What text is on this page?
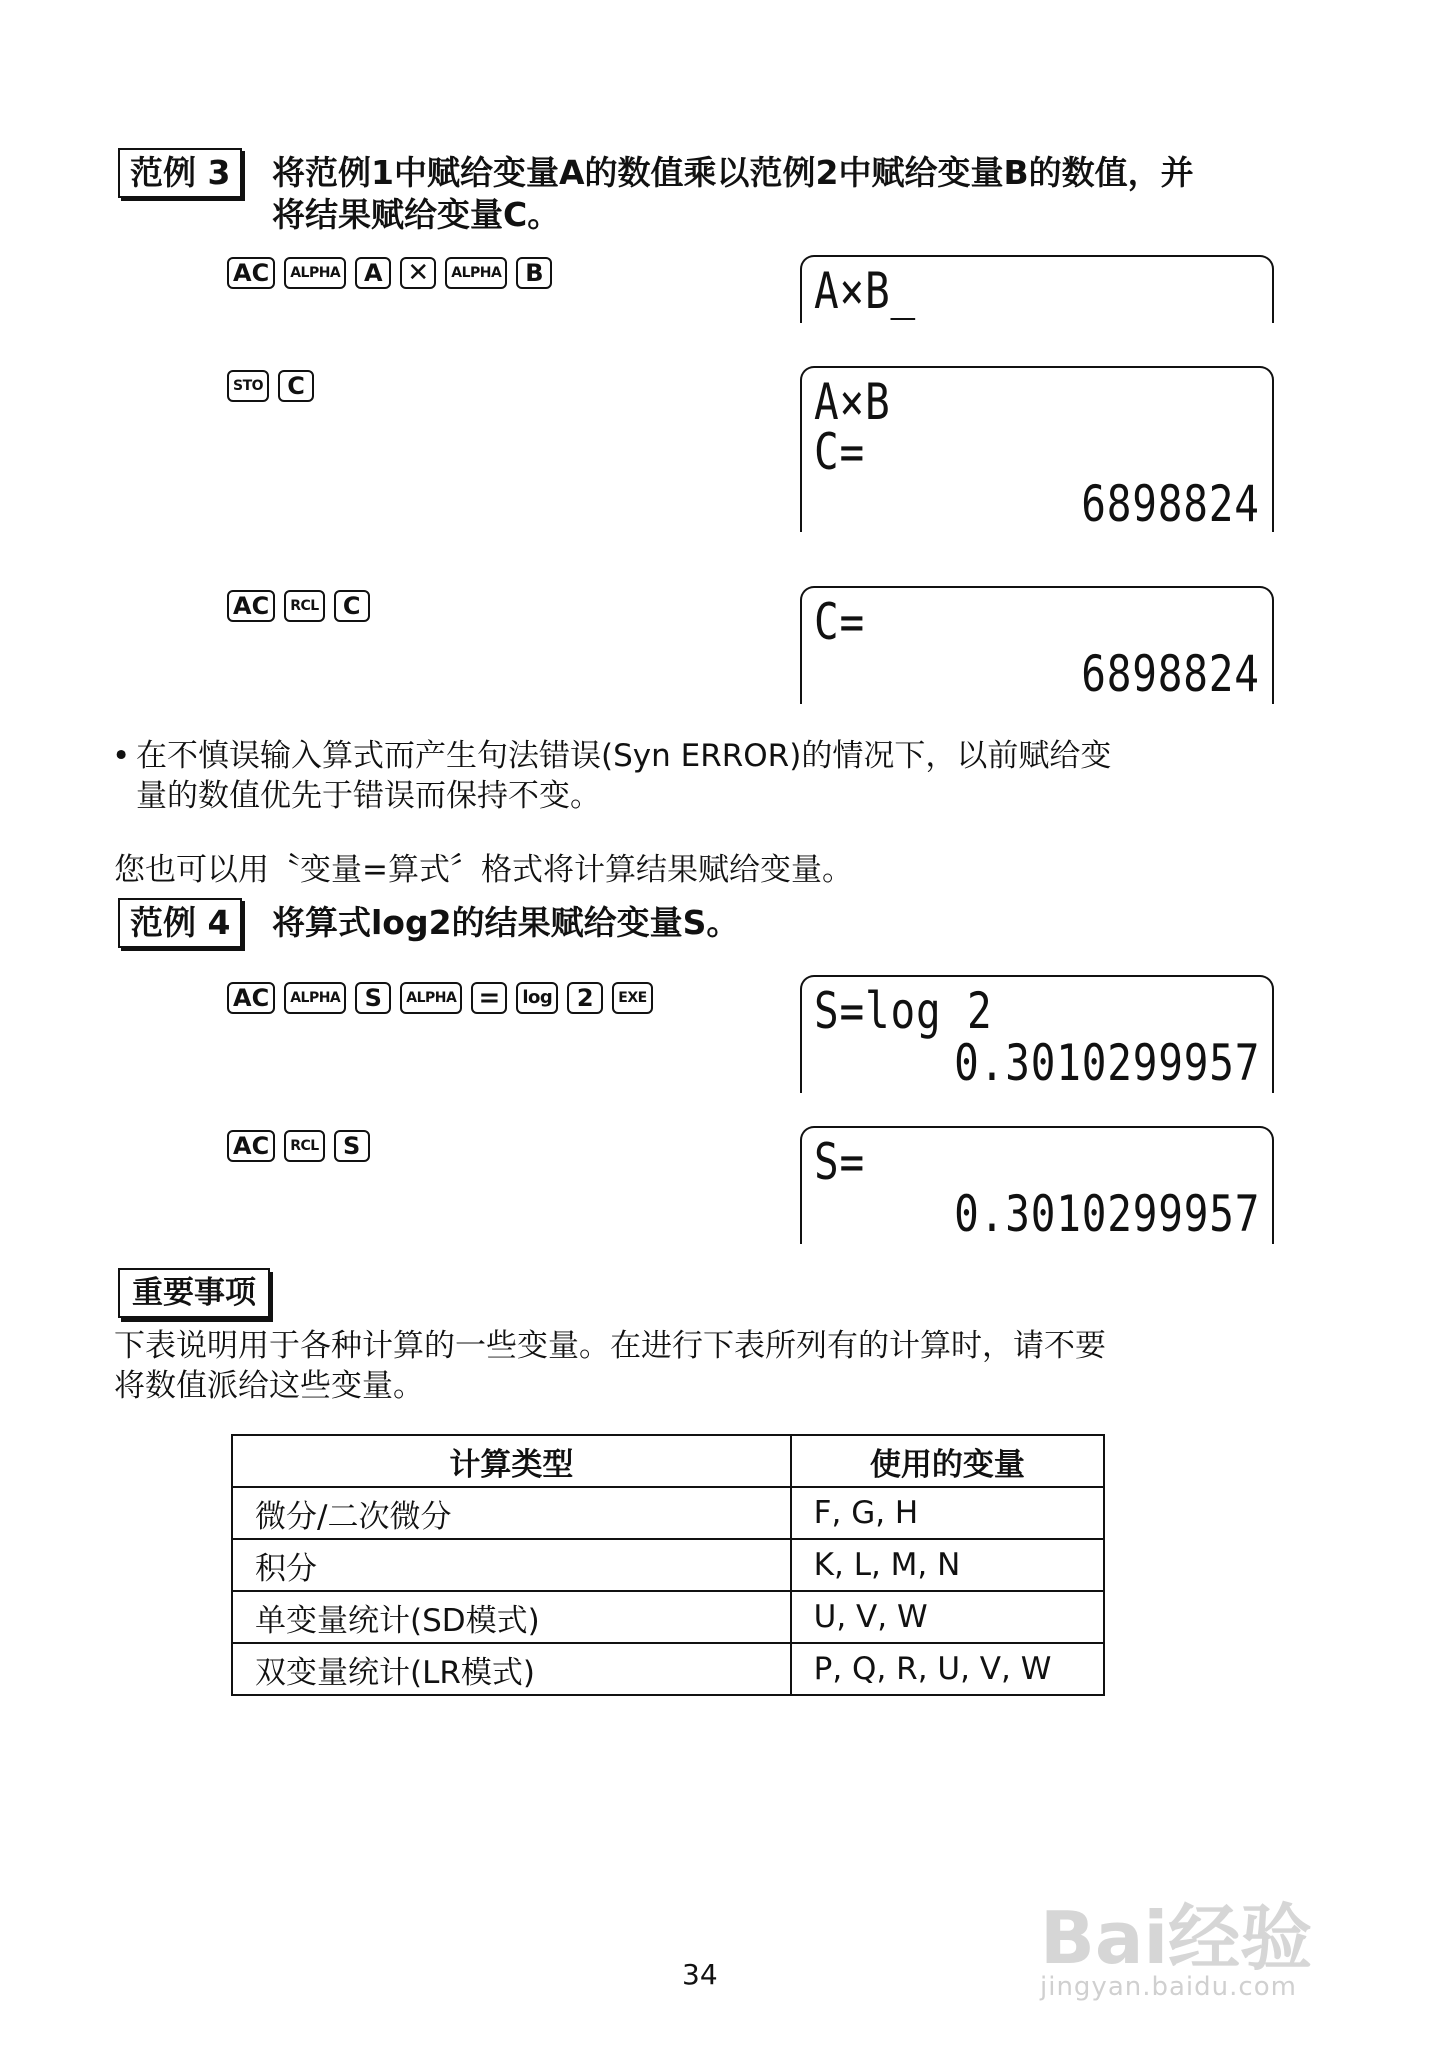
范例 3	将范例1中赋给变量A的数值乘以范例2中赋给变量B的数值，并
将结果赋给变量C。
AC	ALPHA A ✕	ALPHA B	A×B_
STO	C	A×B
C=
6898824
AC	RCL	C	C=
6898824
• 在不慎误输入算式而产生句法错误(Syn ERROR)的情况下，以前赋给变
量的数值优先于错误而保持不变。
您也可以用〝变量=算式〞格式将计算结果赋给变量。
范例 4	将算式log2的结果赋给变量S。
AC	ALPHA	S	ALPHA =	log	2	EXE	S=log 2
0.3010299957
AC	RCL	S	S=
0.3010299957
重要事项
下表说明用于各种计算的一些变量。在进行下表所列有的计算时，请不要
将数值派给这些变量。
计算类型	使用的变量
微分/二次微分	F, G, H
积分	K, L, M, N
单变量统计(SD模式)	U, V, W
双变量统计(LR模式)	P, Q, R, U, V, W
34	Bai经验
jingyan.baidu.com
